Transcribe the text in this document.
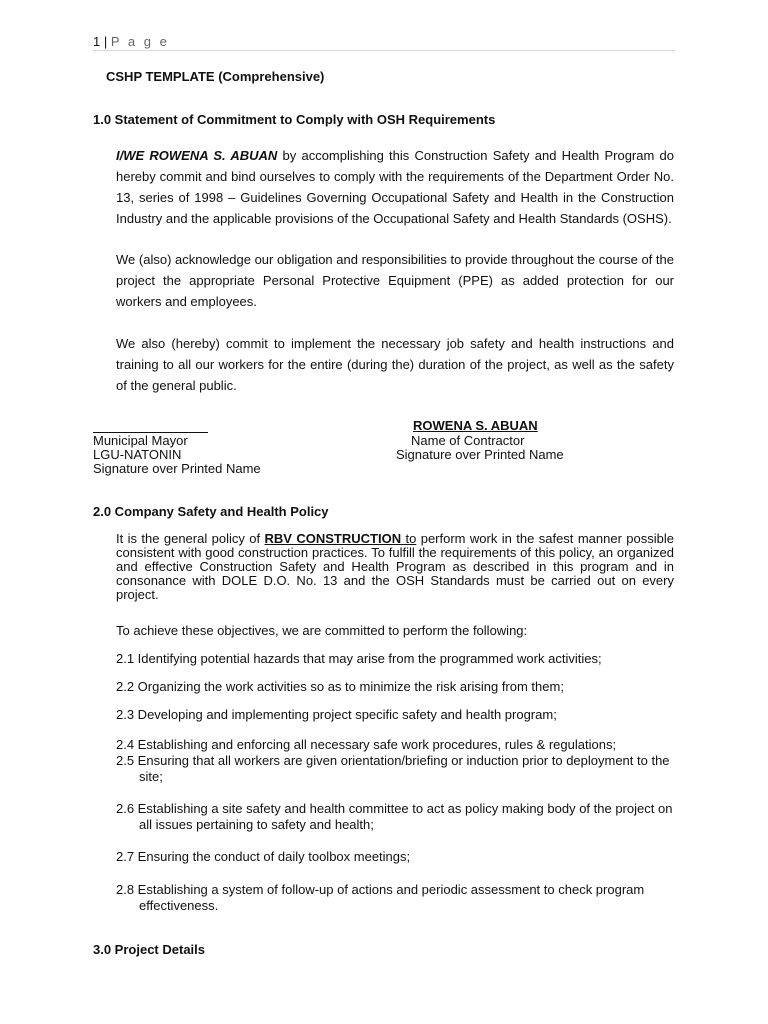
1 | P a g e
CSHP TEMPLATE (Comprehensive)
1.0 Statement of Commitment to Comply with OSH Requirements
I/WE ROWENA S. ABUAN by accomplishing this Construction Safety and Health Program do hereby commit and bind ourselves to comply with the requirements of the Department Order No. 13, series of 1998 – Guidelines Governing Occupational Safety and Health in the Construction Industry and the applicable provisions of the Occupational Safety and Health Standards (OSHS).
We (also) acknowledge our obligation and responsibilities to provide throughout the course of the project the appropriate Personal Protective Equipment (PPE) as added protection for our workers and employees.
We also (hereby) commit to implement the necessary job safety and health instructions and training to all our workers for the entire (during the) duration of the project, as well as the safety of the general public.
Municipal Mayor
LGU-NATONIN
Signature over Printed Name
ROWENA S. ABUAN
Name of Contractor
Signature over Printed Name
2.0 Company Safety and Health Policy
It is the general policy of RBV CONSTRUCTION to perform work in the safest manner possible consistent with good construction practices. To fulfill the requirements of this policy, an organized and effective Construction Safety and Health Program as described in this program and in consonance with DOLE D.O. No. 13 and the OSH Standards must be carried out on every project.
To achieve these objectives, we are committed to perform the following:
2.1 Identifying potential hazards that may arise from the programmed work activities;
2.2 Organizing the work activities so as to minimize the risk arising from them;
2.3 Developing and implementing project specific safety and health program;
2.4 Establishing and enforcing all necessary safe work procedures, rules & regulations;
2.5 Ensuring that all workers are given orientation/briefing or induction prior to deployment to the
site;
2.6 Establishing a site safety and health committee to act as policy making body of the project on
all issues pertaining to safety and health;
2.7 Ensuring the conduct of daily toolbox meetings;
2.8 Establishing a system of follow-up of actions and periodic assessment to check program
effectiveness.
3.0 Project Details
